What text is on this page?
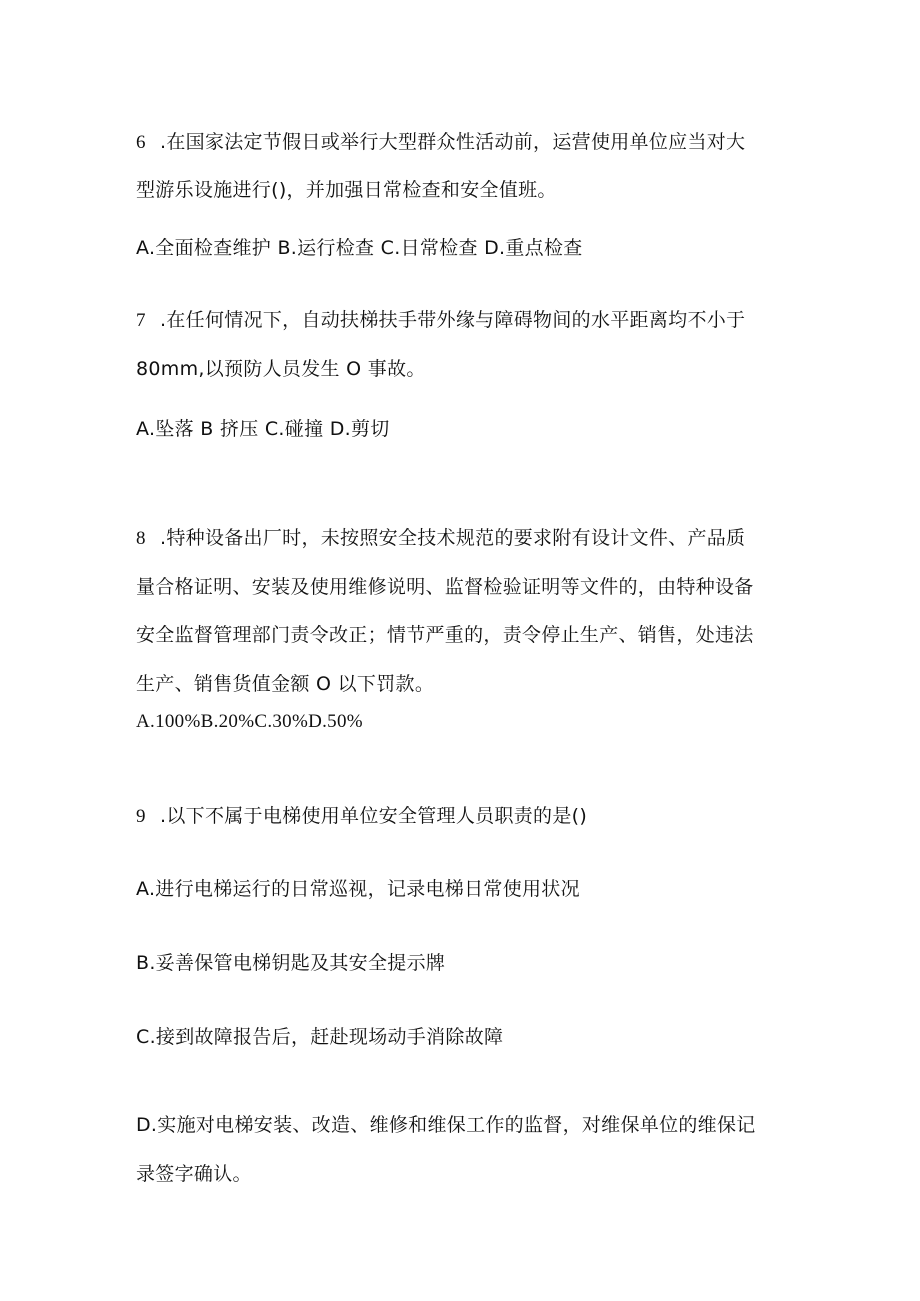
6 .在国家法定节假日或举行大型群众性活动前，运营使用单位应当对大
型游乐设施进行()，并加强日常检查和安全值班。
A.全面检查维护 B.运行检查 C.日常检查 D.重点检查
7 .在任何情况下，自动扶梯扶手带外缘与障碍物间的水平距离均不小于
80mm,以预防人员发生 O 事故。
A.坠落 B 挤压 C.碰撞 D.剪切
8 .特种设备出厂时，未按照安全技术规范的要求附有设计文件、产品质
量合格证明、安装及使用维修说明、监督检验证明等文件的，由特种设备
安全监督管理部门责令改正；情节严重的，责令停止生产、销售，处违法
生产、销售货值金额 O 以下罚款。
A.100%B.20%C.30%D.50%
9 .以下不属于电梯使用单位安全管理人员职责的是()
A.进行电梯运行的日常巡视，记录电梯日常使用状况
B.妥善保管电梯钥匙及其安全提示牌
C.接到故障报告后，赶赴现场动手消除故障
D.实施对电梯安装、改造、维修和维保工作的监督，对维保单位的维保记
录签字确认。
